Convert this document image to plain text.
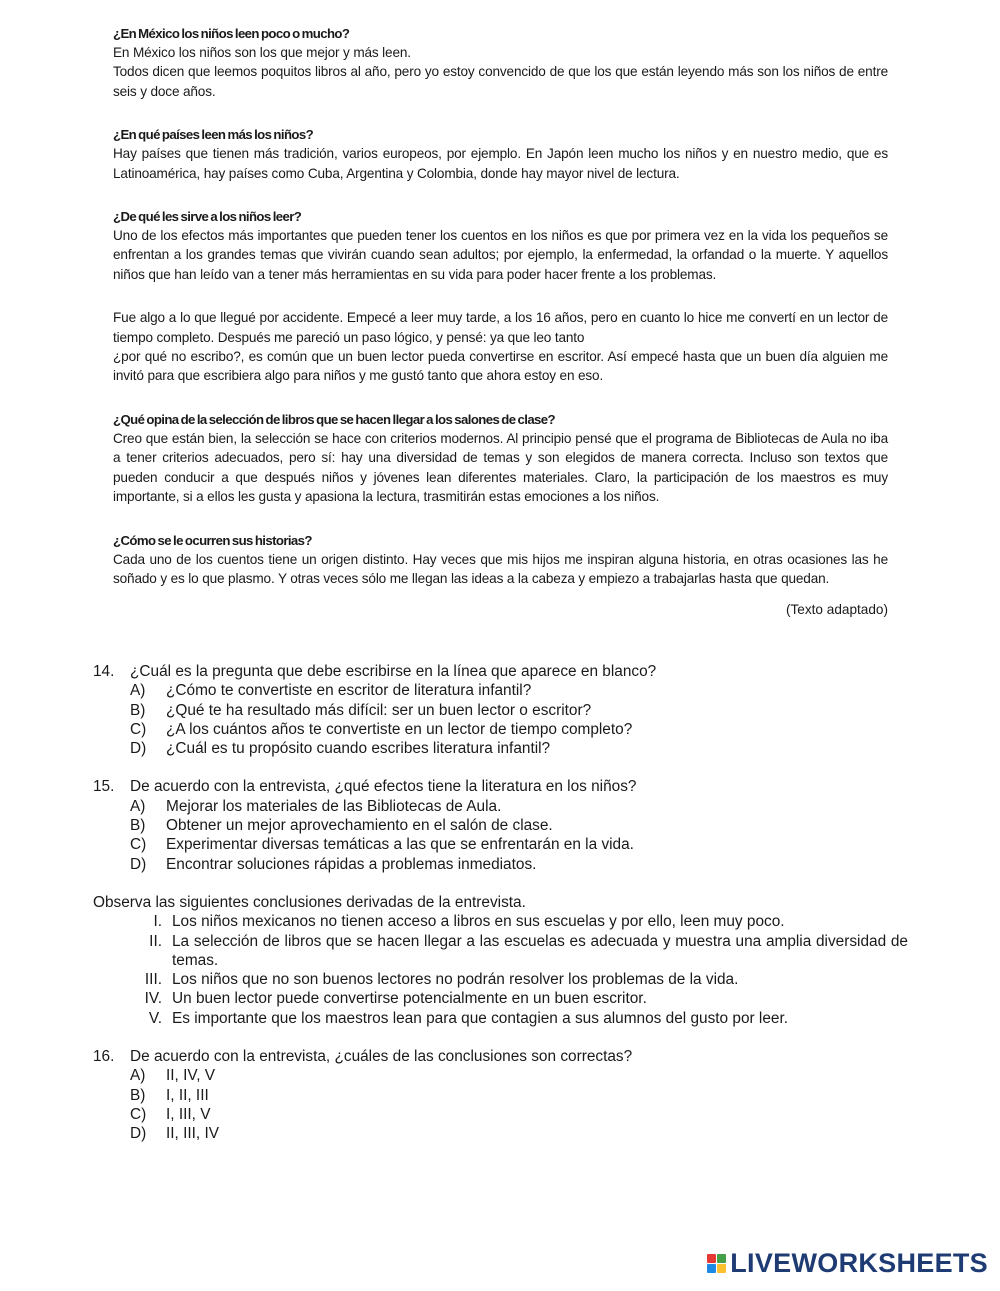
¿En México los niños leen poco o mucho?

En México los niños son los que mejor y más leen.

Todos dicen que leemos poquitos libros al año, pero yo estoy convencido de que los que están leyendo más son los niños de entre seis y doce años.

¿En qué países leen más los niños?

Hay países que tienen más tradición, varios europeos, por ejemplo. En Japón leen mucho los niños y en nuestro medio, que es Latinoamérica, hay países como Cuba, Argentina y Colombia, donde hay mayor nivel de lectura.

¿De qué les sirve a los niños leer?

Uno de los efectos más importantes que pueden tener los cuentos en los niños es que por primera vez en la vida los pequeños se enfrentan a los grandes temas que vivirán cuando sean adultos; por ejemplo, la enfermedad, la orfandad o la muerte. Y aquellos niños que han leído van a tener más herramientas en su vida para poder hacer frente a los problemas.

Fue algo a lo que llegué por accidente. Empecé a leer muy tarde, a los 16 años, pero en cuanto lo hice me convertí en un lector de tiempo completo. Después me pareció un paso lógico, y pensé: ya que leo tanto

¿por qué no escribo?, es común que un buen lector pueda convertirse en escritor. Así empecé hasta que un buen día alguien me invitó para que escribiera algo para niños y me gustó tanto que ahora estoy en eso.

¿Qué opina de la selección de libros que se hacen llegar a los salones de clase?

Creo que están bien, la selección se hace con criterios modernos. Al principio pensé que el programa de Bibliotecas de Aula no iba a tener criterios adecuados, pero sí: hay una diversidad de temas y son elegidos de manera correcta. Incluso son textos que pueden conducir a que después niños y jóvenes lean diferentes materiales. Claro, la participación de los maestros es muy importante, si a ellos les gusta y apasiona la lectura, trasmitirán estas emociones a los niños.

¿Cómo se le ocurren sus historias?

Cada uno de los cuentos tiene un origen distinto. Hay veces que mis hijos me inspiran alguna historia, en otras ocasiones las he soñado y es lo que plasmo. Y otras veces sólo me llegan las ideas a la cabeza y empiezo a trabajarlas hasta que quedan.

(Texto adaptado)
14.	¿Cuál es la pregunta que debe escribirse en la línea que aparece en blanco?
A)	¿Cómo te convertiste en escritor de literatura infantil?
B)	¿Qué te ha resultado más difícil: ser un buen lector o escritor?
C)	¿A los cuántos años te convertiste en un lector de tiempo completo?
D)	¿Cuál es tu propósito cuando escribes literatura infantil?
15.	De acuerdo con la entrevista, ¿qué efectos tiene la literatura en los niños?
A)	Mejorar los materiales de las Bibliotecas de Aula.
B)	Obtener un mejor aprovechamiento en el salón de clase.
C)	Experimentar diversas temáticas a las que se enfrentarán en la vida.
D)	Encontrar soluciones rápidas a problemas inmediatos.
Observa las siguientes conclusiones derivadas de la entrevista.
I. Los niños mexicanos no tienen acceso a libros en sus escuelas y por ello, leen muy poco.
II. La selección de libros que se hacen llegar a las escuelas es adecuada y muestra una amplia diversidad de temas.
III. Los niños que no son buenos lectores no podrán resolver los problemas de la vida.
IV. Un buen lector puede convertirse potencialmente en un buen escritor.
V. Es importante que los maestros lean para que contagien a sus alumnos del gusto por leer.
16.	De acuerdo con la entrevista, ¿cuáles de las conclusiones son correctas?
A)	II, IV, V
B)	I, II, III
C)	I, III, V
D)	II, III, IV
LIVEWORKSHEETS
